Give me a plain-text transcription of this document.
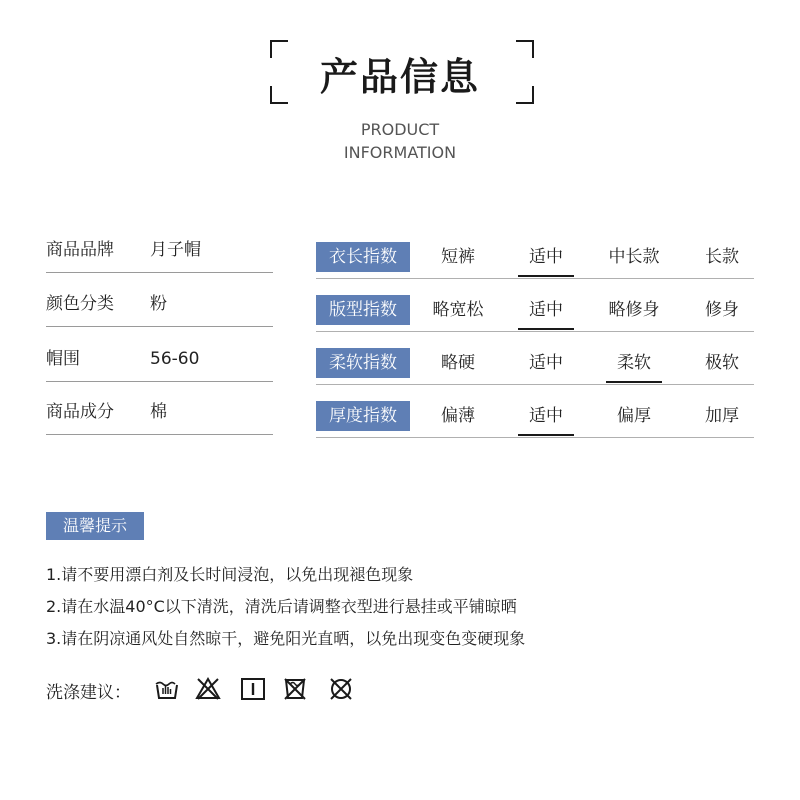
产品信息
PRODUCT
INFORMATION
商品品牌 月子帽
颜色分类 粉
帽围	56-60
商品成分 棉
衣长指数	短裤	适中	中长款	长款
版型指数	略宽松	适中	略修身	修身
柔软指数	略硬	适中	柔软	极软
厚度指数	偏薄	适中	偏厚	加厚
温馨提示
1.请不要用漂白剂及长时间浸泡，以免出现褪色现象
2.请在水温40°C以下清洗，清洗后请调整衣型进行悬挂或平铺晾晒
3.请在阴凉通风处自然晾干，避免阳光直晒，以免出现变色变硬现象
洗涤建议：
